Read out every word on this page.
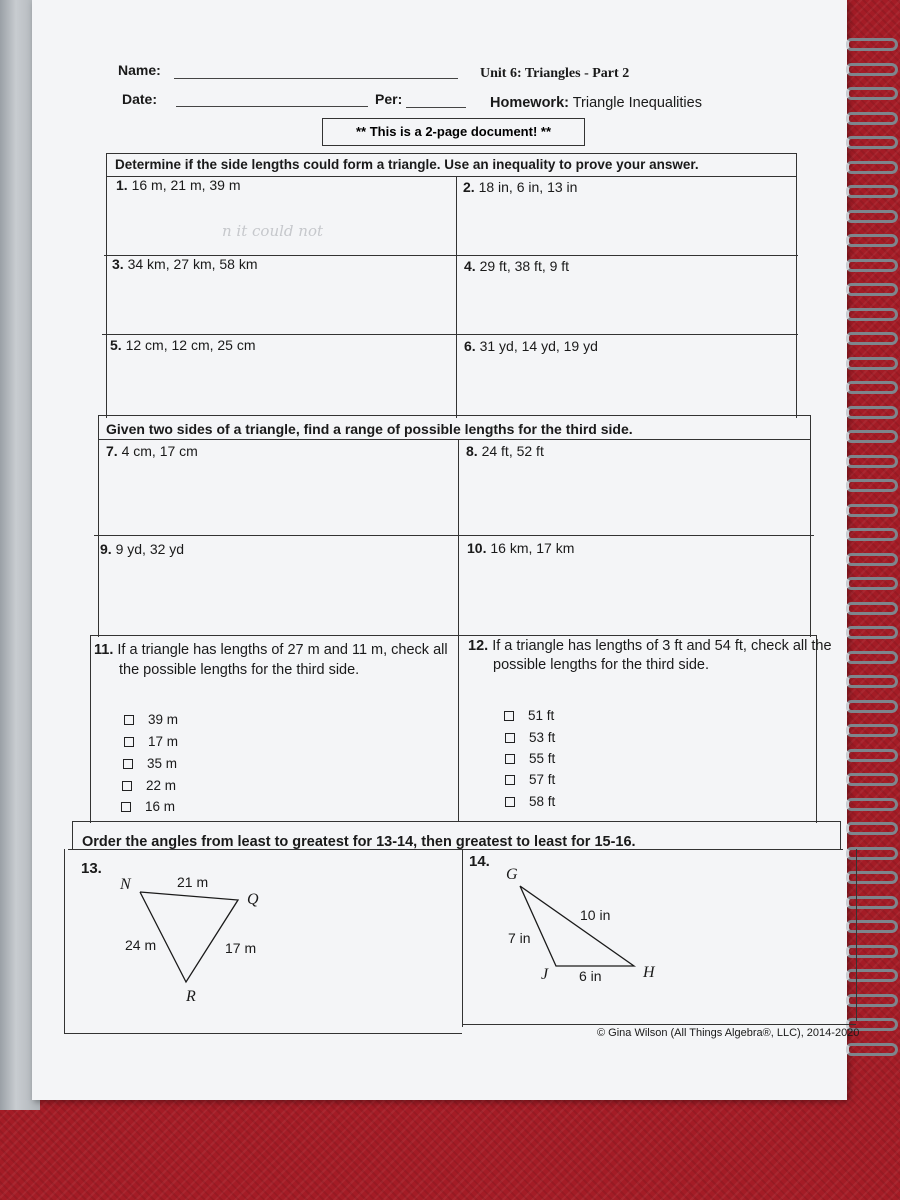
Name:
Date:	Per:
Unit 6: Triangles - Part 2
Homework: Triangle Inequalities
** This is a 2-page document! **
Determine if the side lengths could form a triangle. Use an inequality to prove your answer.
1. 16 m, 21 m, 39 m	2. 18 in, 6 in, 13 in
n it could not
3. 34 km, 27 km, 58 km	4. 29 ft, 38 ft, 9 ft
5. 12 cm, 12 cm, 25 cm	6. 31 yd, 14 yd, 19 yd
Given two sides of a triangle, find a range of possible lengths for the third side.
7. 4 cm, 17 cm	8. 24 ft, 52 ft
9. 9 yd, 32 yd	10. 16 km, 17 km
11. If a triangle has lengths of 27 m and 11 m, check all the possible lengths for the third side.
12. If a triangle has lengths of 3 ft and 54 ft, check all the possible lengths for the third side.
39 m
17 m
35 m
22 m
16 m
51 ft
53 ft
55 ft
57 ft
58 ft
Order the angles from least to greatest for 13-14, then greatest to least for 15-16.
13.	14.
N
Q
R
21 m
24 m	17 m
G
J	H
10 in
7 in
6 in
© Gina Wilson (All Things Algebra®, LLC), 2014-2020
